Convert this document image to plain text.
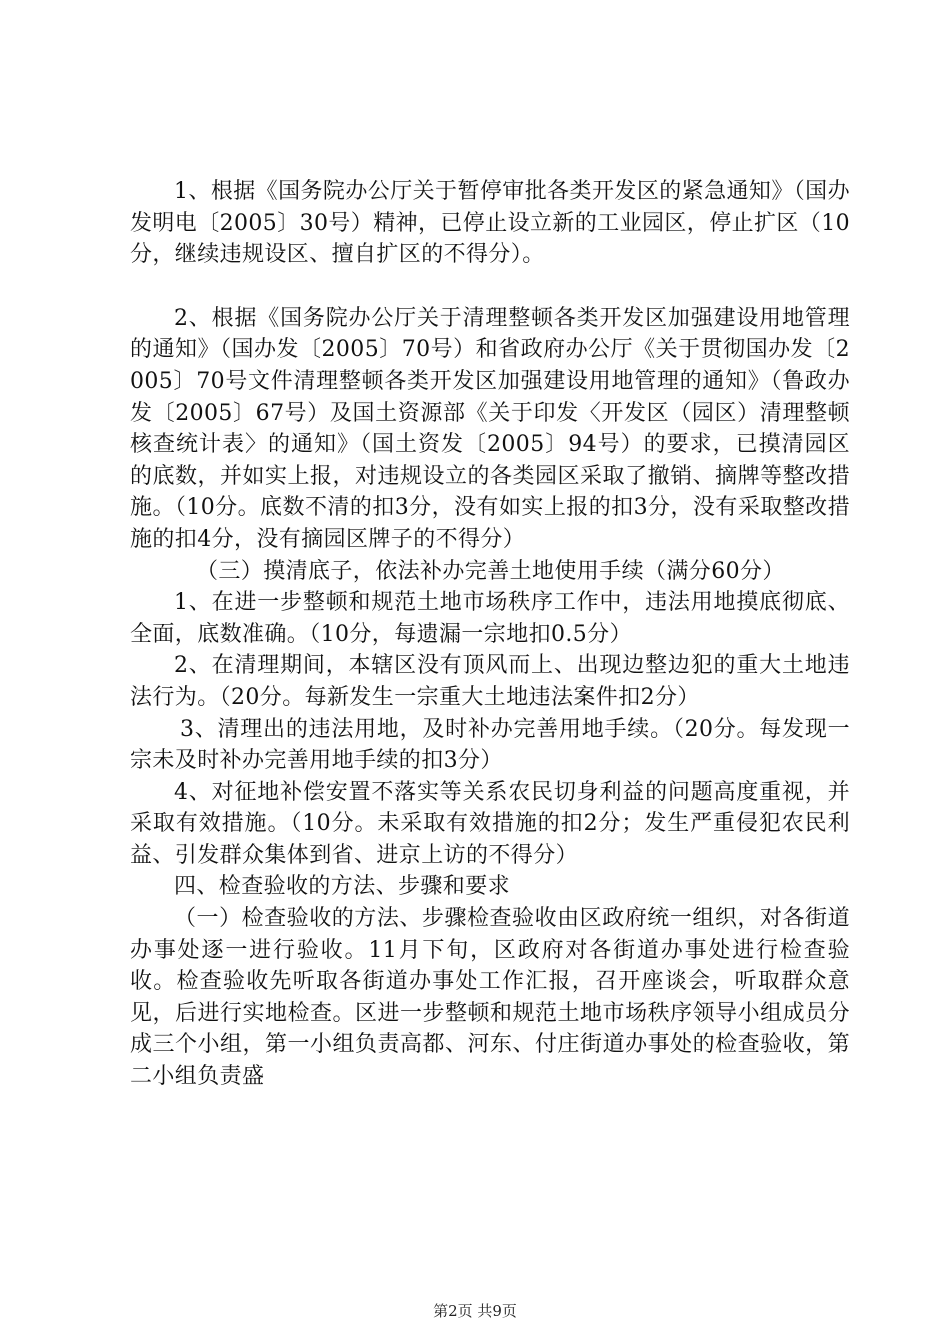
1、根据《国务院办公厅关于暂停审批各类开发区的紧急通知》（国办发明电〔2005〕30号）精神，已停止设立新的工业园区，停止扩区（10分，继续违规设区、擅自扩区的不得分）。

2、根据《国务院办公厅关于清理整顿各类开发区加强建设用地管理的通知》（国办发〔2005〕70号）和省政府办公厅《关于贯彻国办发〔2005〕70号文件清理整顿各类开发区加强建设用地管理的通知》（鲁政办发〔2005〕67号）及国土资源部《关于印发〈开发区（园区）清理整顿核查统计表〉的通知》（国土资发〔2005〕94号）的要求，已摸清园区的底数，并如实上报，对违规设立的各类园区采取了撤销、摘牌等整改措施。（10分。底数不清的扣3分，没有如实上报的扣3分，没有采取整改措施的扣4分，没有摘园区牌子的不得分）

（三）摸清底子，依法补办完善土地使用手续（满分60分）

1、在进一步整顿和规范土地市场秩序工作中，违法用地摸底彻底、全面，底数准确。（10分，每遗漏一宗地扣0.5分）

2、在清理期间，本辖区没有顶风而上、出现边整边犯的重大土地违法行为。（20分。每新发生一宗重大土地违法案件扣2分）

3、清理出的违法用地，及时补办完善用地手续。（20分。每发现一宗未及时补办完善用地手续的扣3分）

4、对征地补偿安置不落实等关系农民切身利益的问题高度重视，并采取有效措施。（10分。未采取有效措施的扣2分；发生严重侵犯农民利益、引发群众集体到省、进京上访的不得分）

四、检查验收的方法、步骤和要求

（一）检查验收的方法、步骤检查验收由区政府统一组织，对各街道办事处逐一进行验收。11月下旬，区政府对各街道办事处进行检查验收。检查验收先听取各街道办事处工作汇报，召开座谈会，听取群众意见，后进行实地检查。区进一步整顿和规范土地市场秩序领导小组成员分成三个小组，第一小组负责高都、河东、付庄街道办事处的检查验收，第二小组负责盛

第2页 共9页
